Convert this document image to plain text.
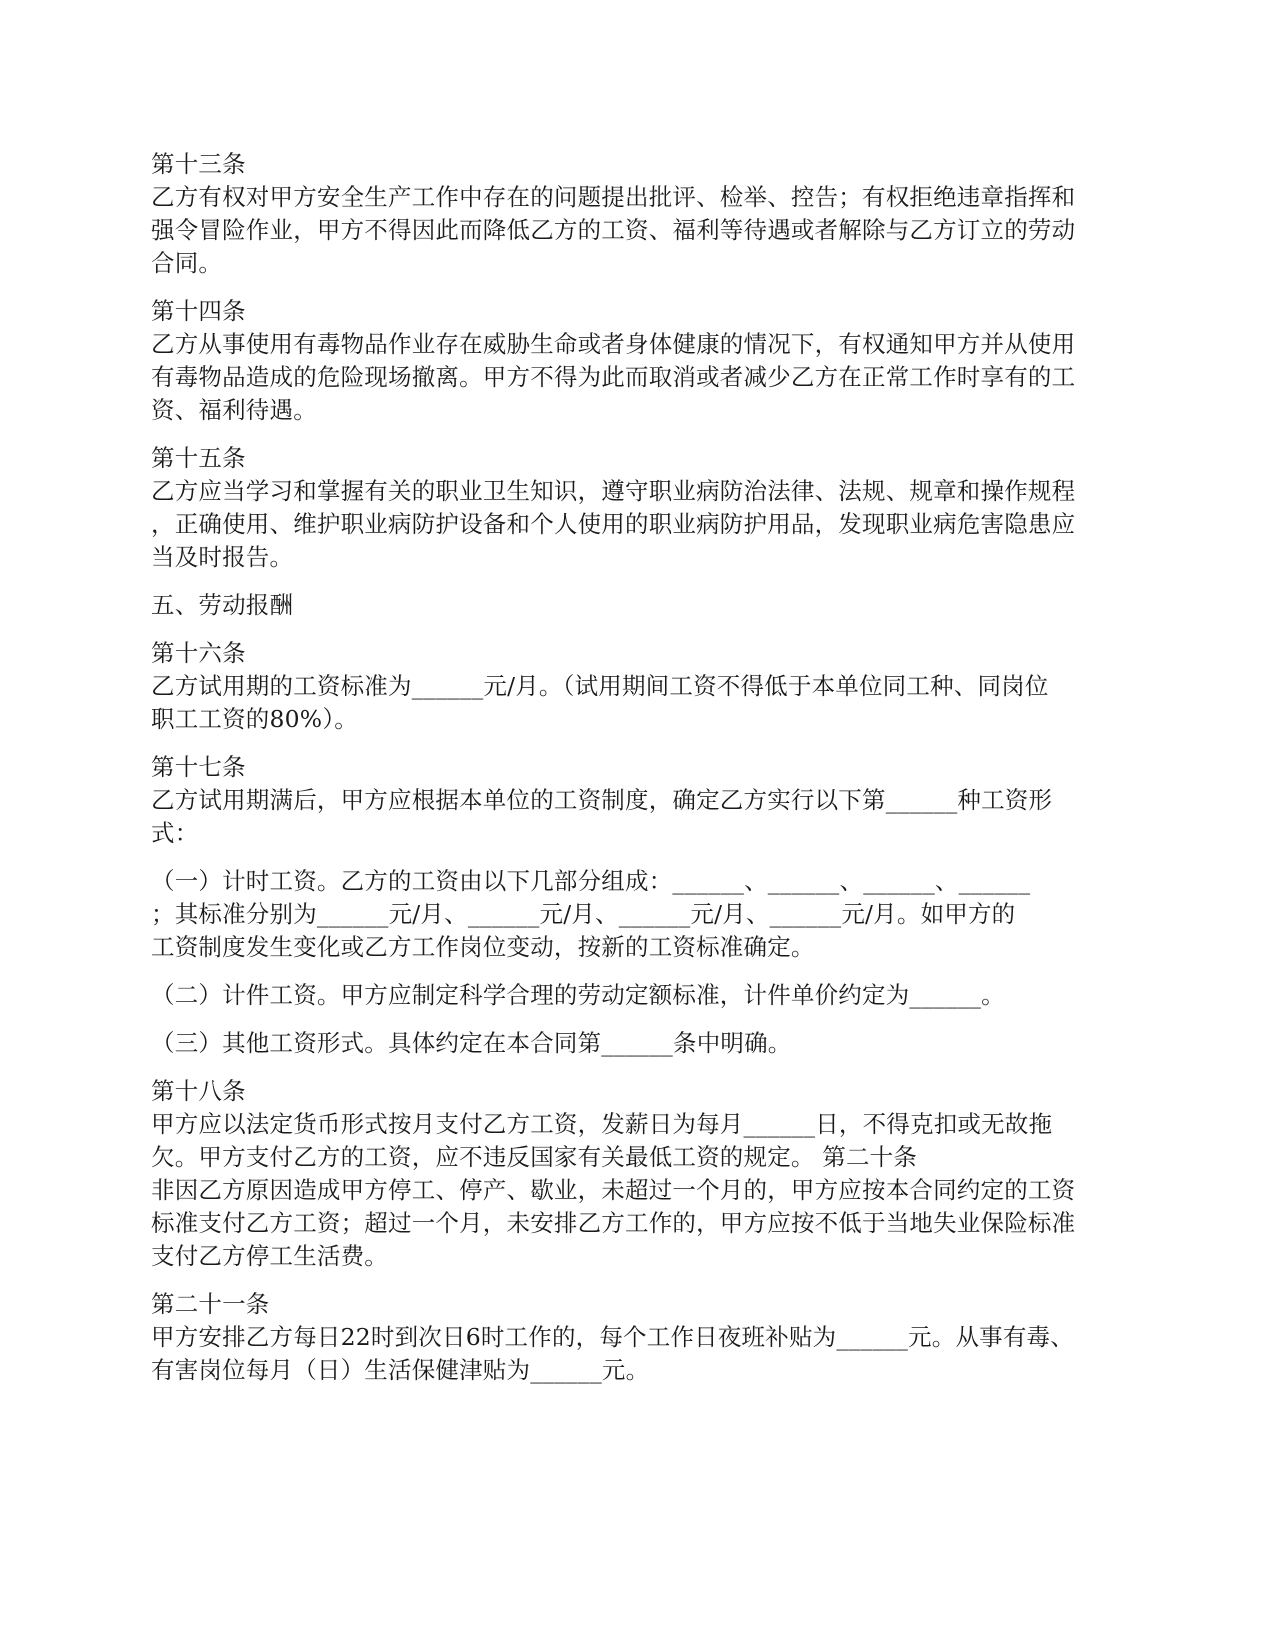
第十三条
乙方有权对甲方安全生产工作中存在的问题提出批评、检举、控告；有权拒绝违章指挥和
强令冒险作业，甲方不得因此而降低乙方的工资、福利等待遇或者解除与乙方订立的劳动
合同。
第十四条
乙方从事使用有毒物品作业存在威胁生命或者身体健康的情况下，有权通知甲方并从使用
有毒物品造成的危险现场撤离。甲方不得为此而取消或者减少乙方在正常工作时享有的工
资、福利待遇。
第十五条
乙方应当学习和掌握有关的职业卫生知识，遵守职业病防治法律、法规、规章和操作规程
，正确使用、维护职业病防护设备和个人使用的职业病防护用品，发现职业病危害隐患应
当及时报告。
五、劳动报酬
第十六条
乙方试用期的工资标准为______元/月。（试用期间工资不得低于本单位同工种、同岗位
职工工资的80%）。
第十七条
乙方试用期满后，甲方应根据本单位的工资制度，确定乙方实行以下第______种工资形
式：
（一）计时工资。乙方的工资由以下几部分组成：______、______、______、______
；其标准分别为______元/月、______元/月、______元/月、______元/月。如甲方的
工资制度发生变化或乙方工作岗位变动，按新的工资标准确定。
（二）计件工资。甲方应制定科学合理的劳动定额标准，计件单价约定为______。
（三）其他工资形式。具体约定在本合同第______条中明确。
第十八条
甲方应以法定货币形式按月支付乙方工资，发薪日为每月______日，不得克扣或无故拖
欠。甲方支付乙方的工资，应不违反国家有关最低工资的规定。 第二十条
非因乙方原因造成甲方停工、停产、歇业，未超过一个月的，甲方应按本合同约定的工资
标准支付乙方工资；超过一个月，未安排乙方工作的，甲方应按不低于当地失业保险标准
支付乙方停工生活费。
第二十一条
甲方安排乙方每日22时到次日6时工作的，每个工作日夜班补贴为______元。从事有毒、
有害岗位每月（日）生活保健津贴为______元。
